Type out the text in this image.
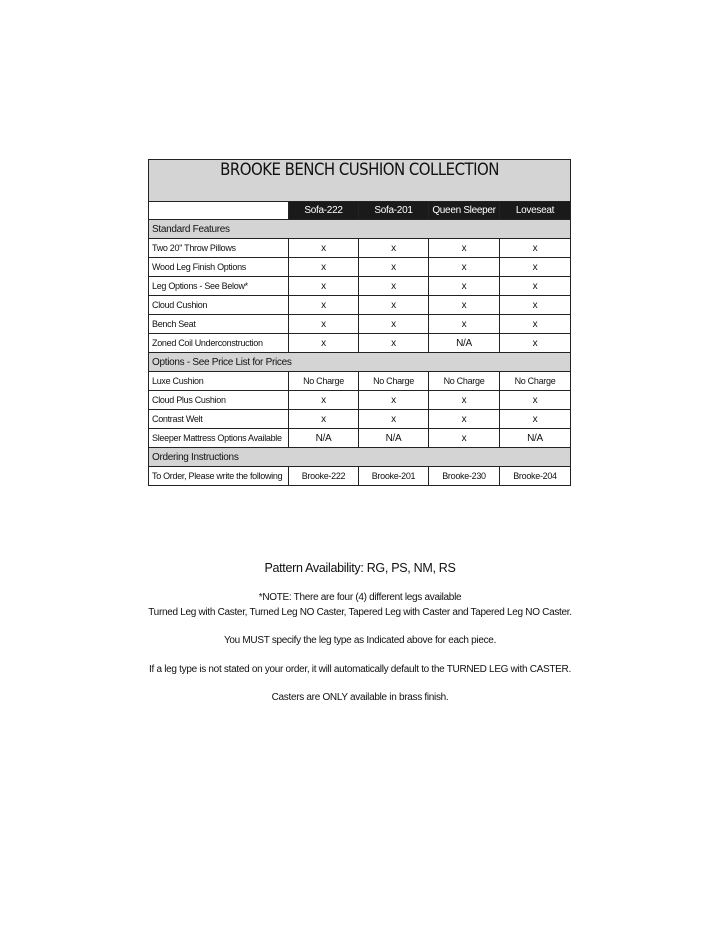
BROOKE BENCH CUSHION COLLECTION				

	Sofa-222	Sofa-201	Queen Sleeper	Loveseat
Standard Features				
Two 20" Throw Pillows	x	x	x	x
Wood Leg Finish Options	x	x	x	x
Leg Options - See Below*	x	x	x	x
Cloud Cushion	x	x	x	x
Bench Seat	x	x	x	x
Zoned Coil Underconstruction	x	x	N/A	x
Options - See Price List for Prices				
Luxe Cushion	No Charge	No Charge	No Charge	No Charge
Cloud Plus Cushion	x	x	x	x
Contrast Welt	x	x	x	x
Sleeper Mattress Options Available	N/A	N/A	x	N/A
Ordering Instructions				
To Order, Please write the following	Brooke-222	Brooke-201	Brooke-230	Brooke-204
Pattern Availability: RG, PS, NM, RS
*NOTE: There are four (4) different legs available
Turned Leg with Caster, Turned Leg NO Caster, Tapered Leg with Caster and Tapered Leg NO Caster.
You MUST specify the leg type as Indicated above for each piece.
If a leg type is not stated on your order, it will automatically default to the TURNED LEG with CASTER.
Casters are ONLY available in brass finish.
